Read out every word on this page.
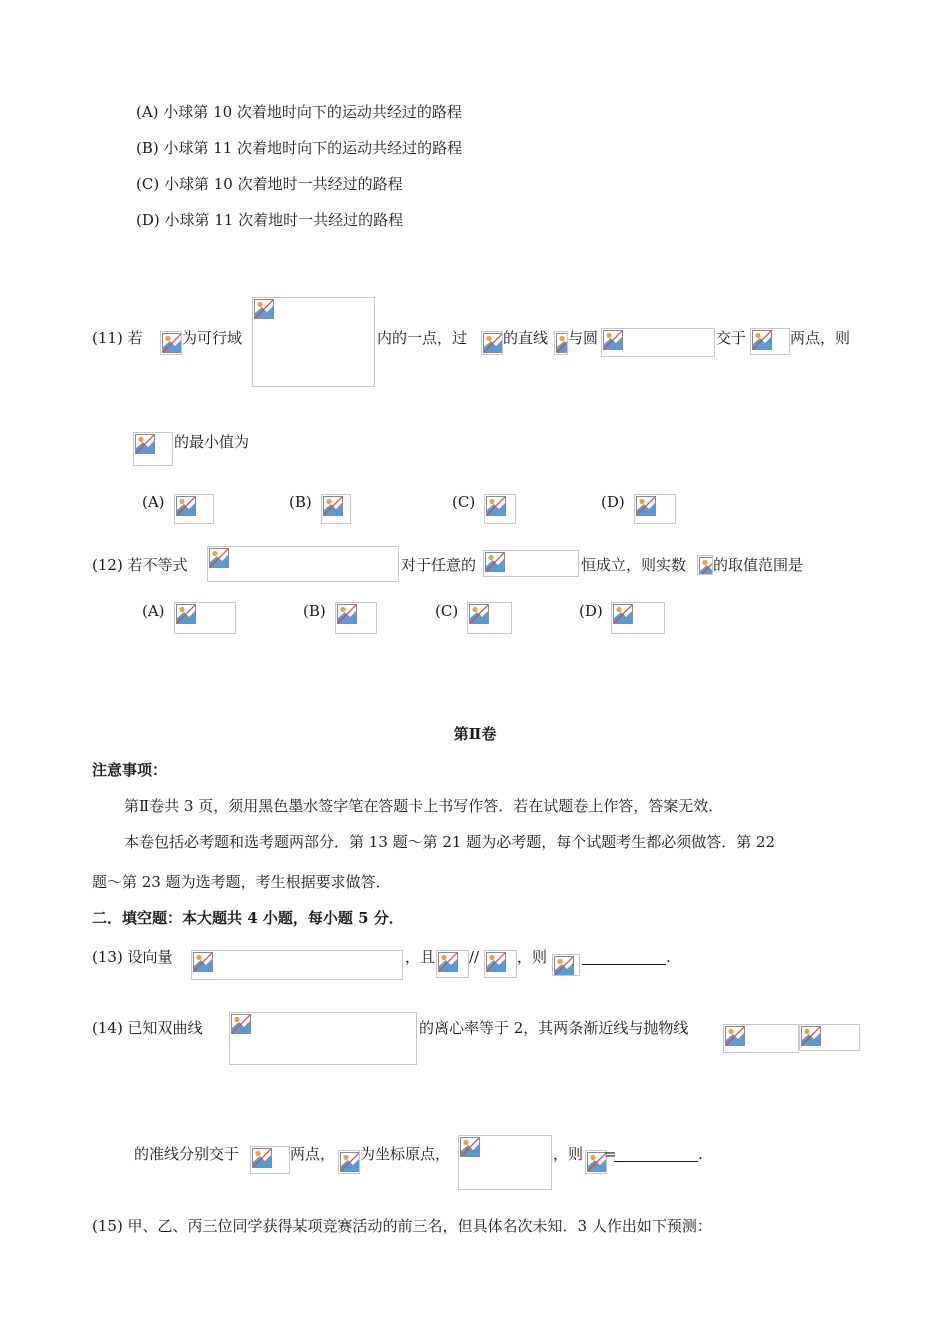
(A) 小球第 10 次着地时向下的运动共经过的路程
(B) 小球第 11 次着地时向下的运动共经过的路程
(C) 小球第 10 次着地时一共经过的路程
(D) 小球第 11 次着地时一共经过的路程
(11) 若	为可行域	内的一点，过 的直线 与圆	交于	两点，则
的最小值为
(A)	(B)	(C)	(D)
(12) 若不等式	对于任意的	恒成立，则实数 的取值范围是
(A)	(B)	(C)	(D)
第Ⅱ卷
注意事项：
第Ⅱ卷共 3 页，须用黑色墨水签字笔在答题卡上书写作答．若在试题卷上作答，答案无效．
本卷包括必考题和选考题两部分．第 13 题～第 21 题为必考题，每个试题考生都必须做答．第 22
题～第 23 题为选考题，考生根据要求做答．
二．填空题：本大题共 4 小题，每小题 5 分．
(13) 设向量	，且 //	，则	.
(14) 已知双曲线	的离心率等于 2，其两条渐近线与抛物线
的准线分别交于	两点， 为坐标原点，	，则 =	.
(15) 甲、乙、丙三位同学获得某项竞赛活动的前三名，但具体名次未知．3 人作出如下预测：
